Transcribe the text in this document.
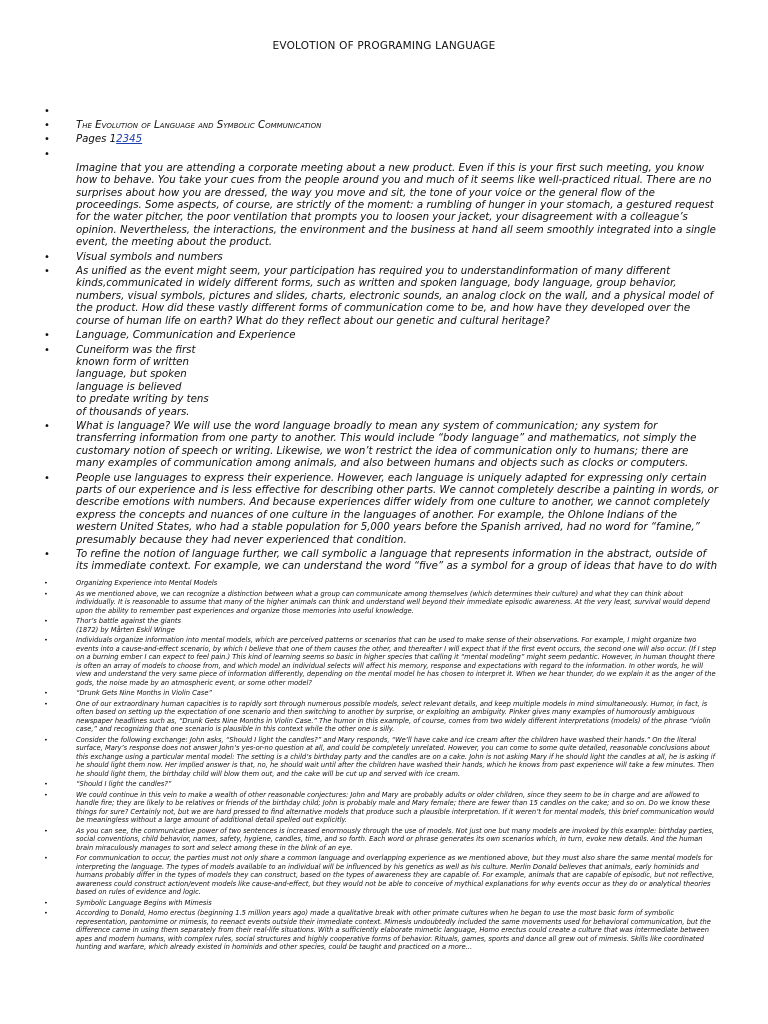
EVOLOTION OF PROGRAMING LANGUAGE
•
•	The Evolution of Language and Symbolic Communication
•	Pages 12345
•
Imagine that you are attending a corporate meeting about a new product. Even if this is your first such meeting, you know how to behave. You take your cues from the people around you and much of it seems like well-practiced ritual. There are no surprises about how you are dressed, the way you move and sit, the tone of your voice or the general flow of the proceedings. Some aspects, of course, are strictly of the moment: a rumbling of hunger in your stomach, a gestured request for the water pitcher, the poor ventilation that prompts you to loosen your jacket, your disagreement with a colleague’s opinion. Nevertheless, the interactions, the environment and the business at hand all seem smoothly integrated into a single event, the meeting about the product.
•	Visual symbols and numbers
•	As unified as the event might seem, your participation has required you to understandinformation of many different kinds,communicated in widely different forms, such as written and spoken language, body language, group behavior, numbers, visual symbols, pictures and slides, charts, electronic sounds, an analog clock on the wall, and a physical model of the product. How did these vastly different forms of communication come to be, and how have they developed over the course of human life on earth? What do they reflect about our genetic and cultural heritage?
•	Language, Communication and Experience
•	Cuneiform was the first
known form of written
language, but spoken
language is believed
to predate writing by tens
of thousands of years.
•	What is language? We will use the word language broadly to mean any system of communication; any system for transferring information from one party to another. This would include “body language” and mathematics, not simply the customary notion of speech or writing. Likewise, we won’t restrict the idea of communication only to humans; there are many examples of communication among animals, and also between humans and objects such as clocks or computers.
•	People use languages to express their experience. However, each language is uniquely adapted for expressing only certain parts of our experience and is less effective for describing other parts. We cannot completely describe a painting in words, or describe emotions with numbers. And because experiences differ widely from one culture to another, we cannot completely express the concepts and nuances of one culture in the languages of another. For example, the Ohlone Indians of the western United States, who had a stable population for 5,000 years before the Spanish arrived, had no word for “famine,” presumably because they had never experienced that condition.
•	To refine the notion of language further, we call symbolic a language that represents information in the abstract, outside of its immediate context. For example, we can understand the word “five” as a symbol for a group of ideas that have to do with
•	Organizing Experience into Mental Models
•	As we mentioned above, we can recognize a distinction between what a group can communicate among themselves (which determines their culture) and what they can think about individually. It is reasonable to assume that many of the higher animals can think and understand well beyond their immediate episodic awareness. At the very least, survival would depend upon the ability to remember past experiences and organize those memories into useful knowledge.
•	Thor’s battle against the giants
(1872) by Mårten Eskil Winge
•	Individuals organize information into mental models, which are perceived patterns or scenarios that can be used to make sense of their observations. For example, I might organize two events into a cause-and-effect scenario, by which I believe that one of them causes the other, and thereafter I will expect that if the first event occurs, the second one will also occur. (If I step on a burning ember I can expect to feel pain.) This kind of learning seems so basic in higher species that calling it “mental modeling” might seem pedantic. However, in human thought there is often an array of models to choose from, and which model an individual selects will affect his memory, response and expectations with regard to the information. In other words, he will view and understand the very same piece of information differently, depending on the mental model he has chosen to interpret it. When we hear thunder, do we explain it as the anger of the gods, the noise made by an atmospheric event, or some other model?
•	“Drunk Gets Nine Months in Violin Case”
•	One of our extraordinary human capacities is to rapidly sort through numerous possible models, select relevant details, and keep multiple models in mind simultaneously. Humor, in fact, is often based on setting up the expectation of one scenario and then switching to another by surprise, or exploiting an ambiguity. Pinker gives many examples of humorously ambiguous newspaper headlines such as, “Drunk Gets Nine Months in Violin Case.” The humor in this example, of course, comes from two widely different interpretations (models) of the phrase “violin case,” and recognizing that one scenario is plausible in this context while the other one is silly.
•	Consider the following exchange: John asks, “Should I light the candles?” and Mary responds, “We’ll have cake and ice cream after the children have washed their hands.” On the literal surface, Mary’s response does not answer John’s yes-or-no question at all, and could be completely unrelated. However, you can come to some quite detailed, reasonable conclusions about this exchange using a particular mental model: The setting is a child’s birthday party and the candles are on a cake. John is not asking Mary if he should light the candles at all, he is asking if he should light them now. Her implied answer is that, no, he should wait until after the children have washed their hands, which he knows from past experience will take a few minutes. Then he should light them, the birthday child will blow them out, and the cake will be cut up and served with ice cream.
•	“Should I light the candles?”
•	We could continue in this vein to make a wealth of other reasonable conjectures: John and Mary are probably adults or older children, since they seem to be in charge and are allowed to handle fire; they are likely to be relatives or friends of the birthday child; John is probably male and Mary female; there are fewer than 15 candles on the cake; and so on. Do we know these things for sure? Certainly not, but we are hard pressed to find alternative models that produce such a plausible interpretation. If it weren’t for mental models, this brief communication would be meaningless without a large amount of additional detail spelled out explicitly.
•	As you can see, the communicative power of two sentences is increased enormously through the use of models. Not just one but many models are invoked by this example: birthday parties, social conventions, child behavior, names, safety, hygiene, candles, time, and so forth. Each word or phrase generates its own scenarios which, in turn, evoke new details. And the human brain miraculously manages to sort and select among these in the blink of an eye.
•	For communication to occur, the parties must not only share a common language and overlapping experience as we mentioned above, but they must also share the same mental models for interpreting the language. The types of models available to an individual will be influenced by his genetics as well as his culture. Merlin Donald believes that animals, early hominids and humans probably differ in the types of models they can construct, based on the types of awareness they are capable of. For example, animals that are capable of episodic, but not reflective, awareness could construct action/event models like cause-and-effect, but they would not be able to conceive of mythical explanations for why events occur as they do or analytical theories based on rules of evidence and logic.
•	Symbolic Language Begins with Mimesis
•	According to Donald, Homo erectus (beginning 1.5 million years ago) made a qualitative break with other primate cultures when he began to use the most basic form of symbolic representation, pantomime or mimesis, to reenact events outside their immediate context. Mimesis undoubtedly included the same movements used for behavioral communication, but the difference came in using them separately from their real-life situations. With a sufficiently elaborate mimetic language, Homo erectus could create a culture that was intermediate between apes and modern humans, with complex rules, social structures and highly cooperative forms of behavior. Rituals, games, sports and dance all grew out of mimesis. Skills like coordinated hunting and warfare, which already existed in hominids and other species, could be taught and practiced on a more...
